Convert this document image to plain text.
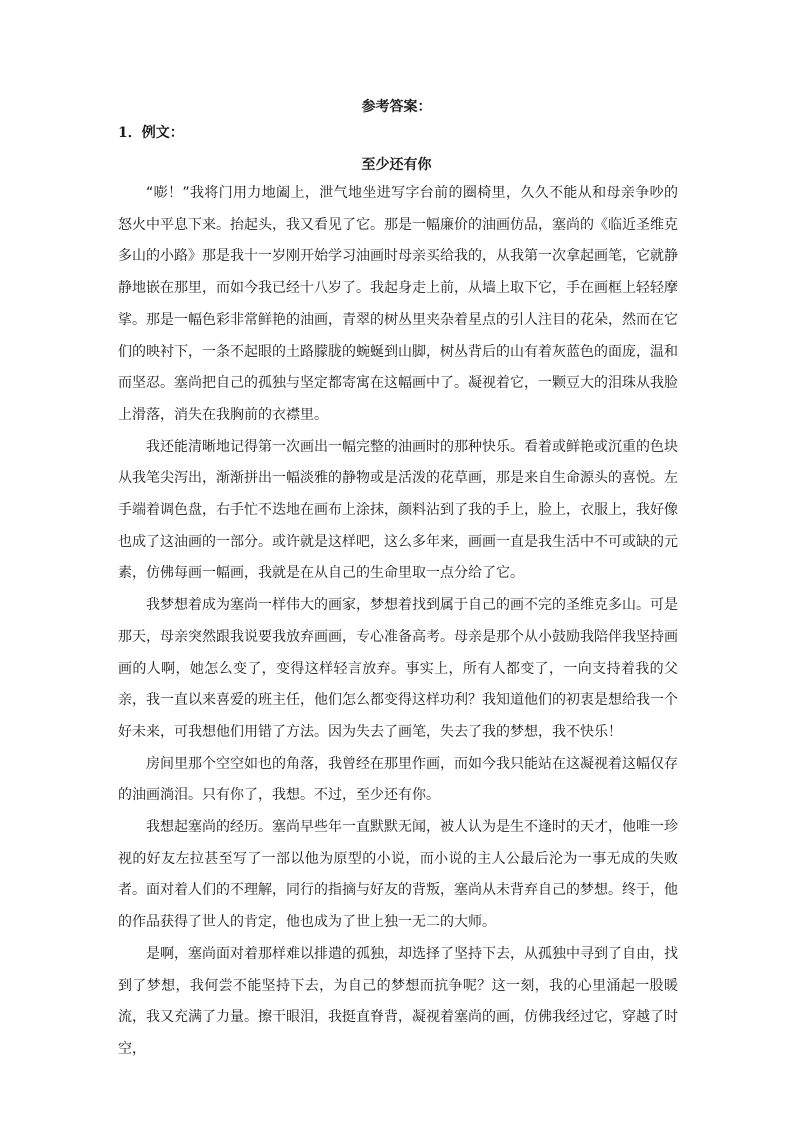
参考答案：
1．例文：
至少还有你

“嘭！”我将门用力地阖上，泄气地坐进写字台前的圈椅里，久久不能从和母亲争吵的怒火中平息下来。抬起头，我又看见了它。那是一幅廉价的油画仿品，塞尚的《临近圣维克多山的小路》那是我十一岁刚开始学习油画时母亲买给我的，从我第一次拿起画笔，它就静静地嵌在那里，而如今我已经十八岁了。我起身走上前，从墙上取下它，手在画框上轻轻摩挲。那是一幅色彩非常鲜艳的油画，青翠的树丛里夹杂着星点的引人注目的花朵，然而在它们的映衬下，一条不起眼的土路朦胧的蜿蜒到山脚，树丛背后的山有着灰蓝色的面庞，温和而坚忍。塞尚把自己的孤独与坚定都寄寓在这幅画中了。凝视着它，一颗豆大的泪珠从我脸上滑落，消失在我胸前的衣襟里。

我还能清晰地记得第一次画出一幅完整的油画时的那种快乐。看着或鲜艳或沉重的色块从我笔尖泻出，渐渐拼出一幅淡雅的静物或是活泼的花草画，那是来自生命源头的喜悦。左手端着调色盘，右手忙不迭地在画布上涂抹，颜料沾到了我的手上，脸上，衣服上，我好像也成了这油画的一部分。或许就是这样吧，这么多年来，画画一直是我生活中不可或缺的元素，仿佛每画一幅画，我就是在从自己的生命里取一点分给了它。

我梦想着成为塞尚一样伟大的画家，梦想着找到属于自己的画不完的圣维克多山。可是那天，母亲突然跟我说要我放弃画画，专心准备高考。母亲是那个从小鼓励我陪伴我坚持画画的人啊，她怎么变了，变得这样轻言放弃。事实上，所有人都变了，一向支持着我的父亲，我一直以来喜爱的班主任，他们怎么都变得这样功利？我知道他们的初衷是想给我一个好未来，可我想他们用错了方法。因为失去了画笔，失去了我的梦想，我不快乐！

房间里那个空空如也的角落，我曾经在那里作画，而如今我只能站在这凝视着这幅仅存的油画淌泪。只有你了，我想。不过，至少还有你。

我想起塞尚的经历。塞尚早些年一直默默无闻，被人认为是生不逢时的天才，他唯一珍视的好友左拉甚至写了一部以他为原型的小说，而小说的主人公最后沦为一事无成的失败者。面对着人们的不理解，同行的指摘与好友的背叛，塞尚从未背弃自己的梦想。终于，他的作品获得了世人的肯定，他也成为了世上独一无二的大师。

是啊，塞尚面对着那样难以排遣的孤独，却选择了坚持下去，从孤独中寻到了自由，找到了梦想，我何尝不能坚持下去，为自己的梦想而抗争呢？这一刻，我的心里涌起一股暖流，我又充满了力量。擦干眼泪，我挺直脊背，凝视着塞尚的画，仿佛我经过它，穿越了时空，
